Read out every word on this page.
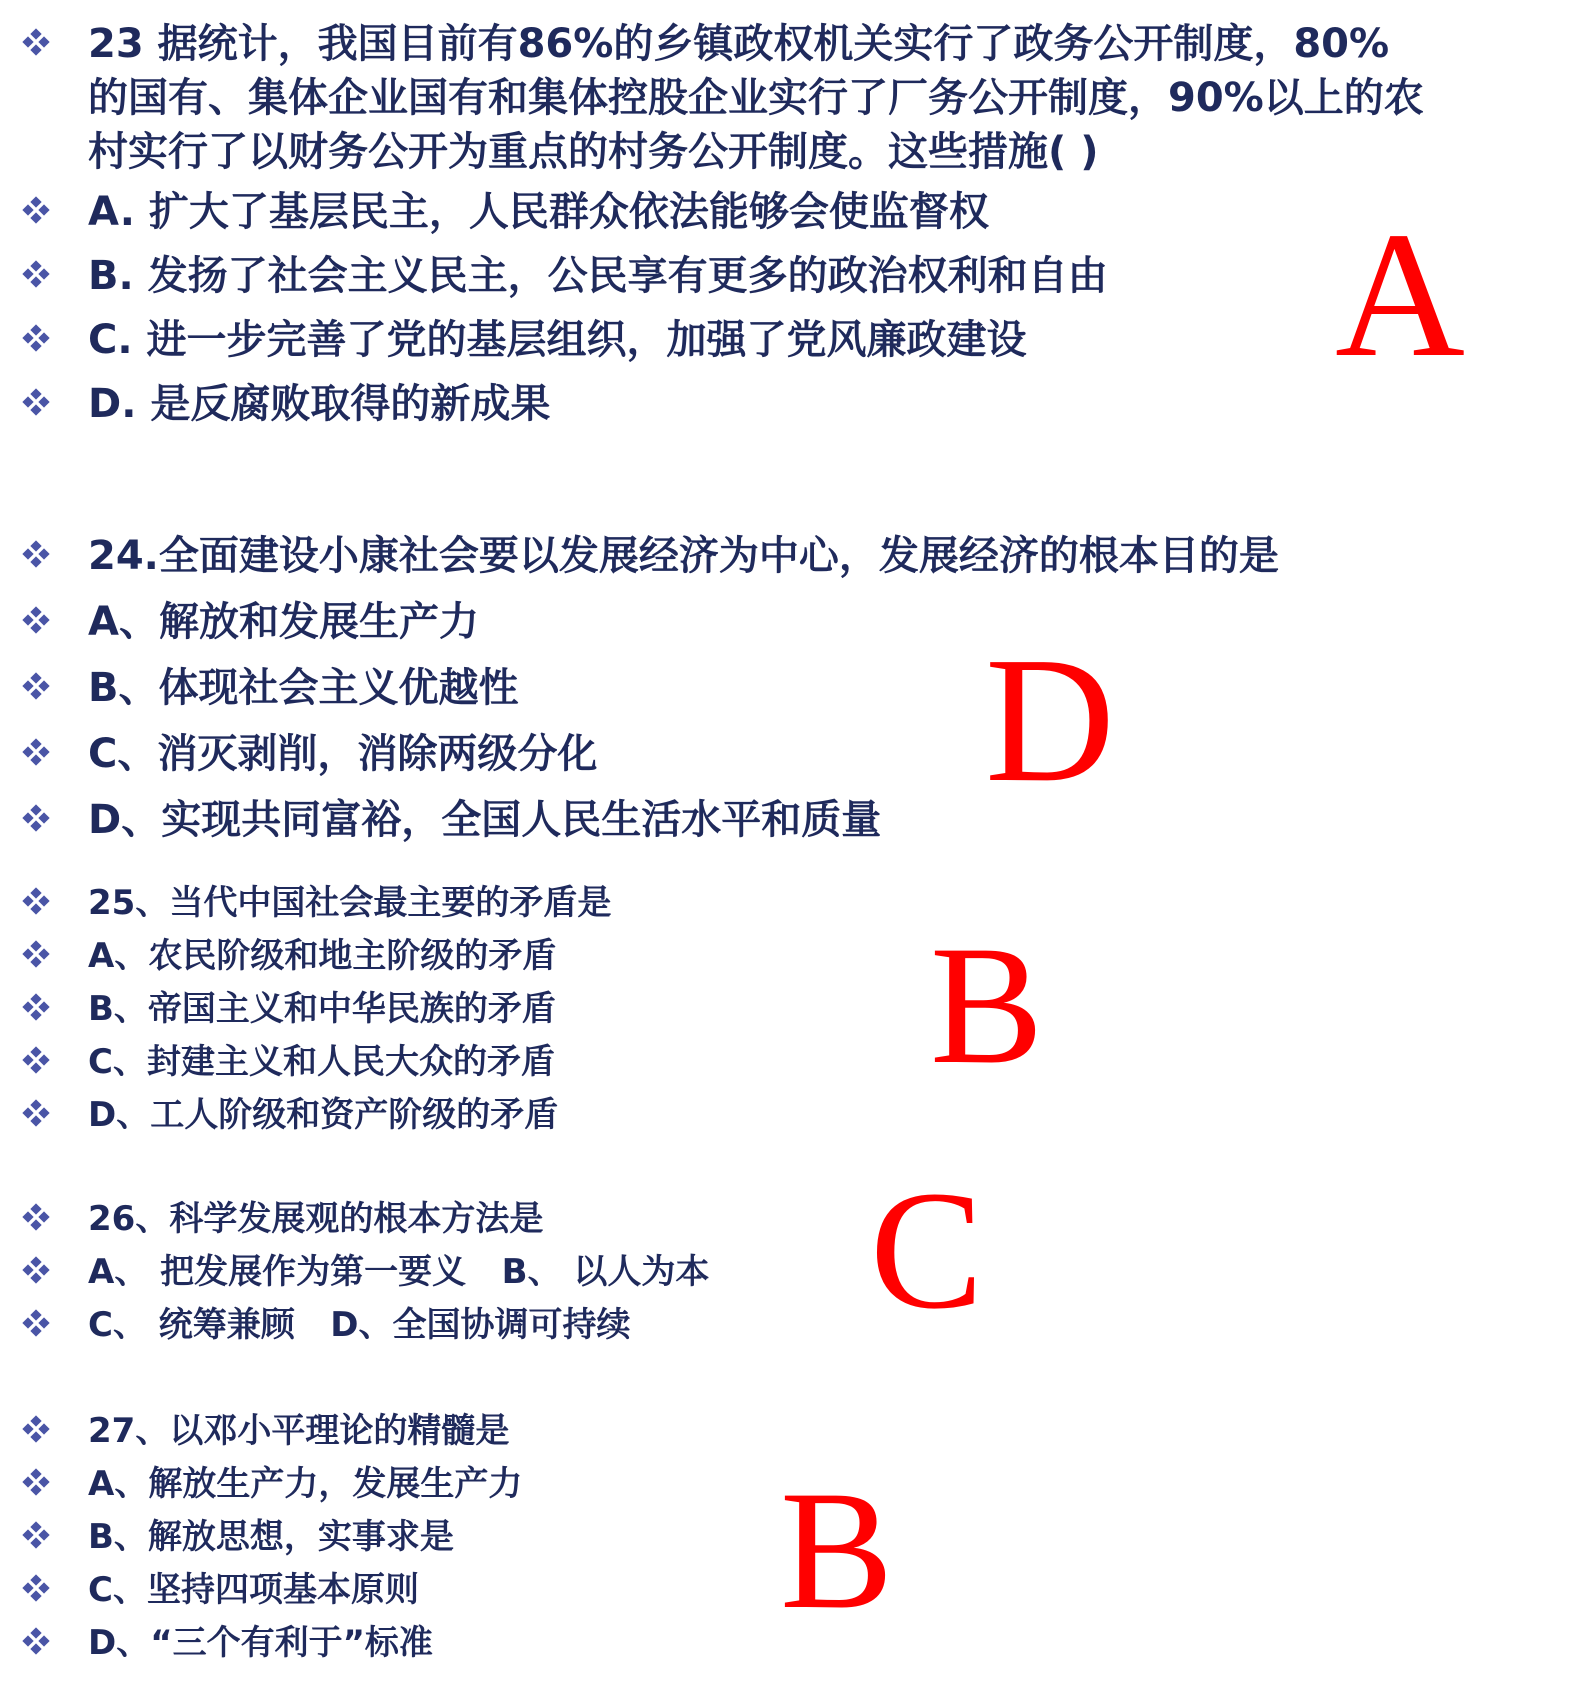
23 据统计，我国目前有86%的乡镇政权机关实行了政务公开制度，80%
的国有、集体企业国有和集体控股企业实行了厂务公开制度，90%以上的农
村实行了以财务公开为重点的村务公开制度。这些措施( )
A. 扩大了基层民主，人民群众依法能够会使监督权
B. 发扬了社会主义民主，公民享有更多的政治权利和自由
C. 进一步完善了党的基层组织，加强了党风廉政建设
D. 是反腐败取得的新成果
A
24.全面建设小康社会要以发展经济为中心，发展经济的根本目的是
A、解放和发展生产力
B、体现社会主义优越性
C、消灭剥削，消除两级分化
D、实现共同富裕，全国人民生活水平和质量
D
25、当代中国社会最主要的矛盾是
A、农民阶级和地主阶级的矛盾
B、帝国主义和中华民族的矛盾
C、封建主义和人民大众的矛盾
D、工人阶级和资产阶级的矛盾
B
26、科学发展观的根本方法是
A、 把发展作为第一要义   B、 以人为本
C、 统筹兼顾   D、全国协调可持续 C
27、以邓小平理论的精髓是
A、解放生产力，发展生产力
B、解放思想，实事求是
C、坚持四项基本原则
D、“三个有利于”标准 B
